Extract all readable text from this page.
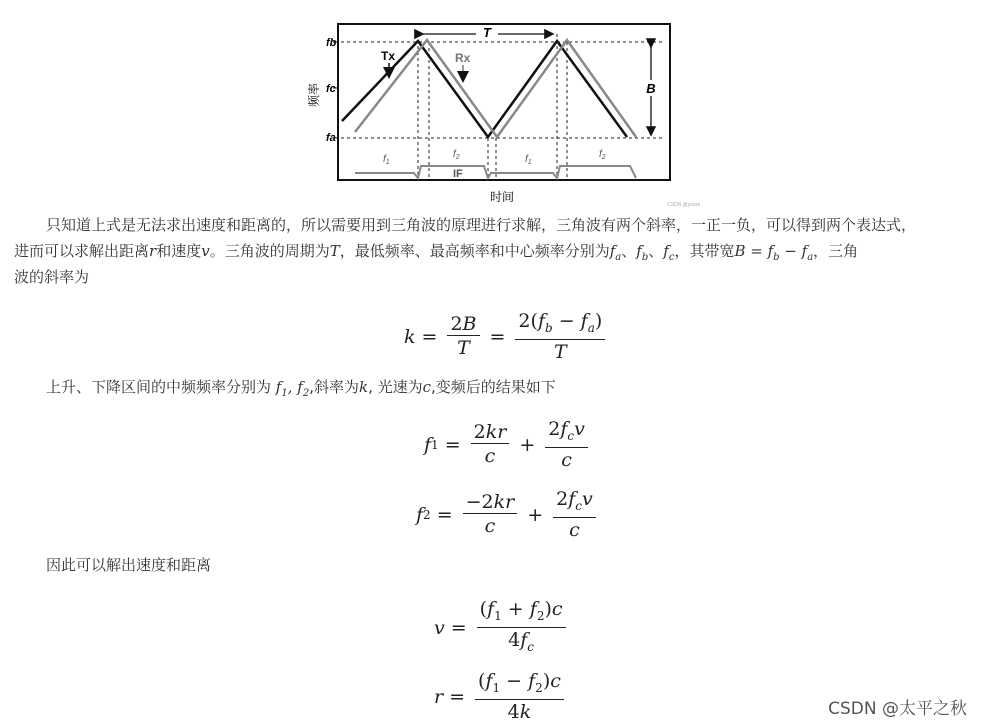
T
B
Tx	Rx
fb
fc
fa
频率
$f_1$
$f_2$	$f_1$
$f_2$
IF
时间
CSDN @yxxxx
只知道上式是无法求出速度和距离的，所以需要用到三角波的原理进行求解，三角波有两个斜率，一正一负，可以得到两个表达式，
进而可以求解出距离r和速度v。三角波的周期为T，最低频率、最高频率和中心频率分别为$f_a$、$f_b$、$f_c$，其带宽$B = f_b - f_a$，三角
波的斜率为
$k = \frac{2B}{T} = \frac{2(f_b - f_a)}{T}$
上升、下降区间的中频频率分别为 $f_1$, $f_2$,斜率为k, 光速为c,变频后的结果如下
f $1 = \frac{2kr}{c} + \frac{2f_cv}{c}$
f $2 = \frac{-2kr}{c} + \frac{2f_cv}{c}$
因此可以解出速度和距离
$v = \frac{(f_1 + f_2)c}{4f_c}$
$r = \frac{(f_1 - f_2)c}{4k}$	CSDN @太平之秋
